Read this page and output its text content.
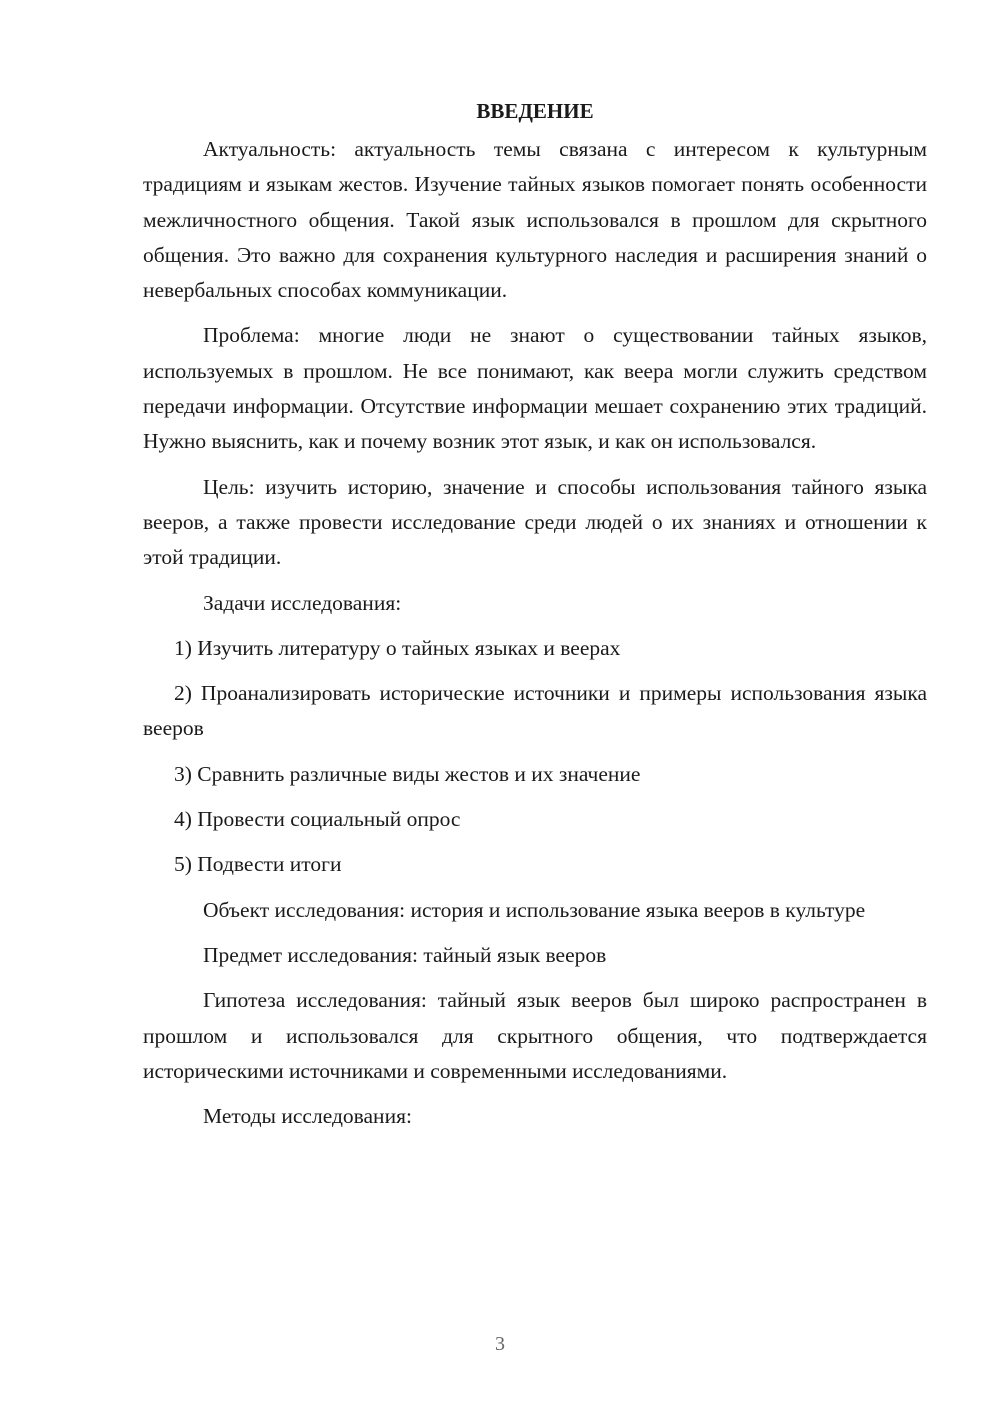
ВВЕДЕНИЕ

Актуальность: актуальность темы связана с интересом к культурным традициям и языкам жестов. Изучение тайных языков помогает понять особенности межличностного общения. Такой язык использовался в прошлом для скрытного общения. Это важно для сохранения культурного наследия и расширения знаний о невербальных способах коммуникации.

Проблема: многие люди не знают о существовании тайных языков, используемых в прошлом. Не все понимают, как веера могли служить средством передачи информации. Отсутствие информации мешает сохранению этих традиций. Нужно выяснить, как и почему возник этот язык, и как он использовался.

Цель: изучить историю, значение и способы использования тайного языка вееров, а также провести исследование среди людей о их знаниях и отношении к этой традиции.

Задачи исследования:

1) Изучить литературу о тайных языках и веерах

2) Проанализировать исторические источники и примеры использования языка вееров

3) Сравнить различные виды жестов и их значение

4) Провести социальный опрос

5) Подвести итоги

Объект исследования: история и использование языка вееров в культуре

Предмет исследования: тайный язык вееров

Гипотеза исследования: тайный язык вееров был широко распространен в прошлом и использовался для скрытного общения, что подтверждается историческими источниками и современными исследованиями.

Методы исследования:

3
